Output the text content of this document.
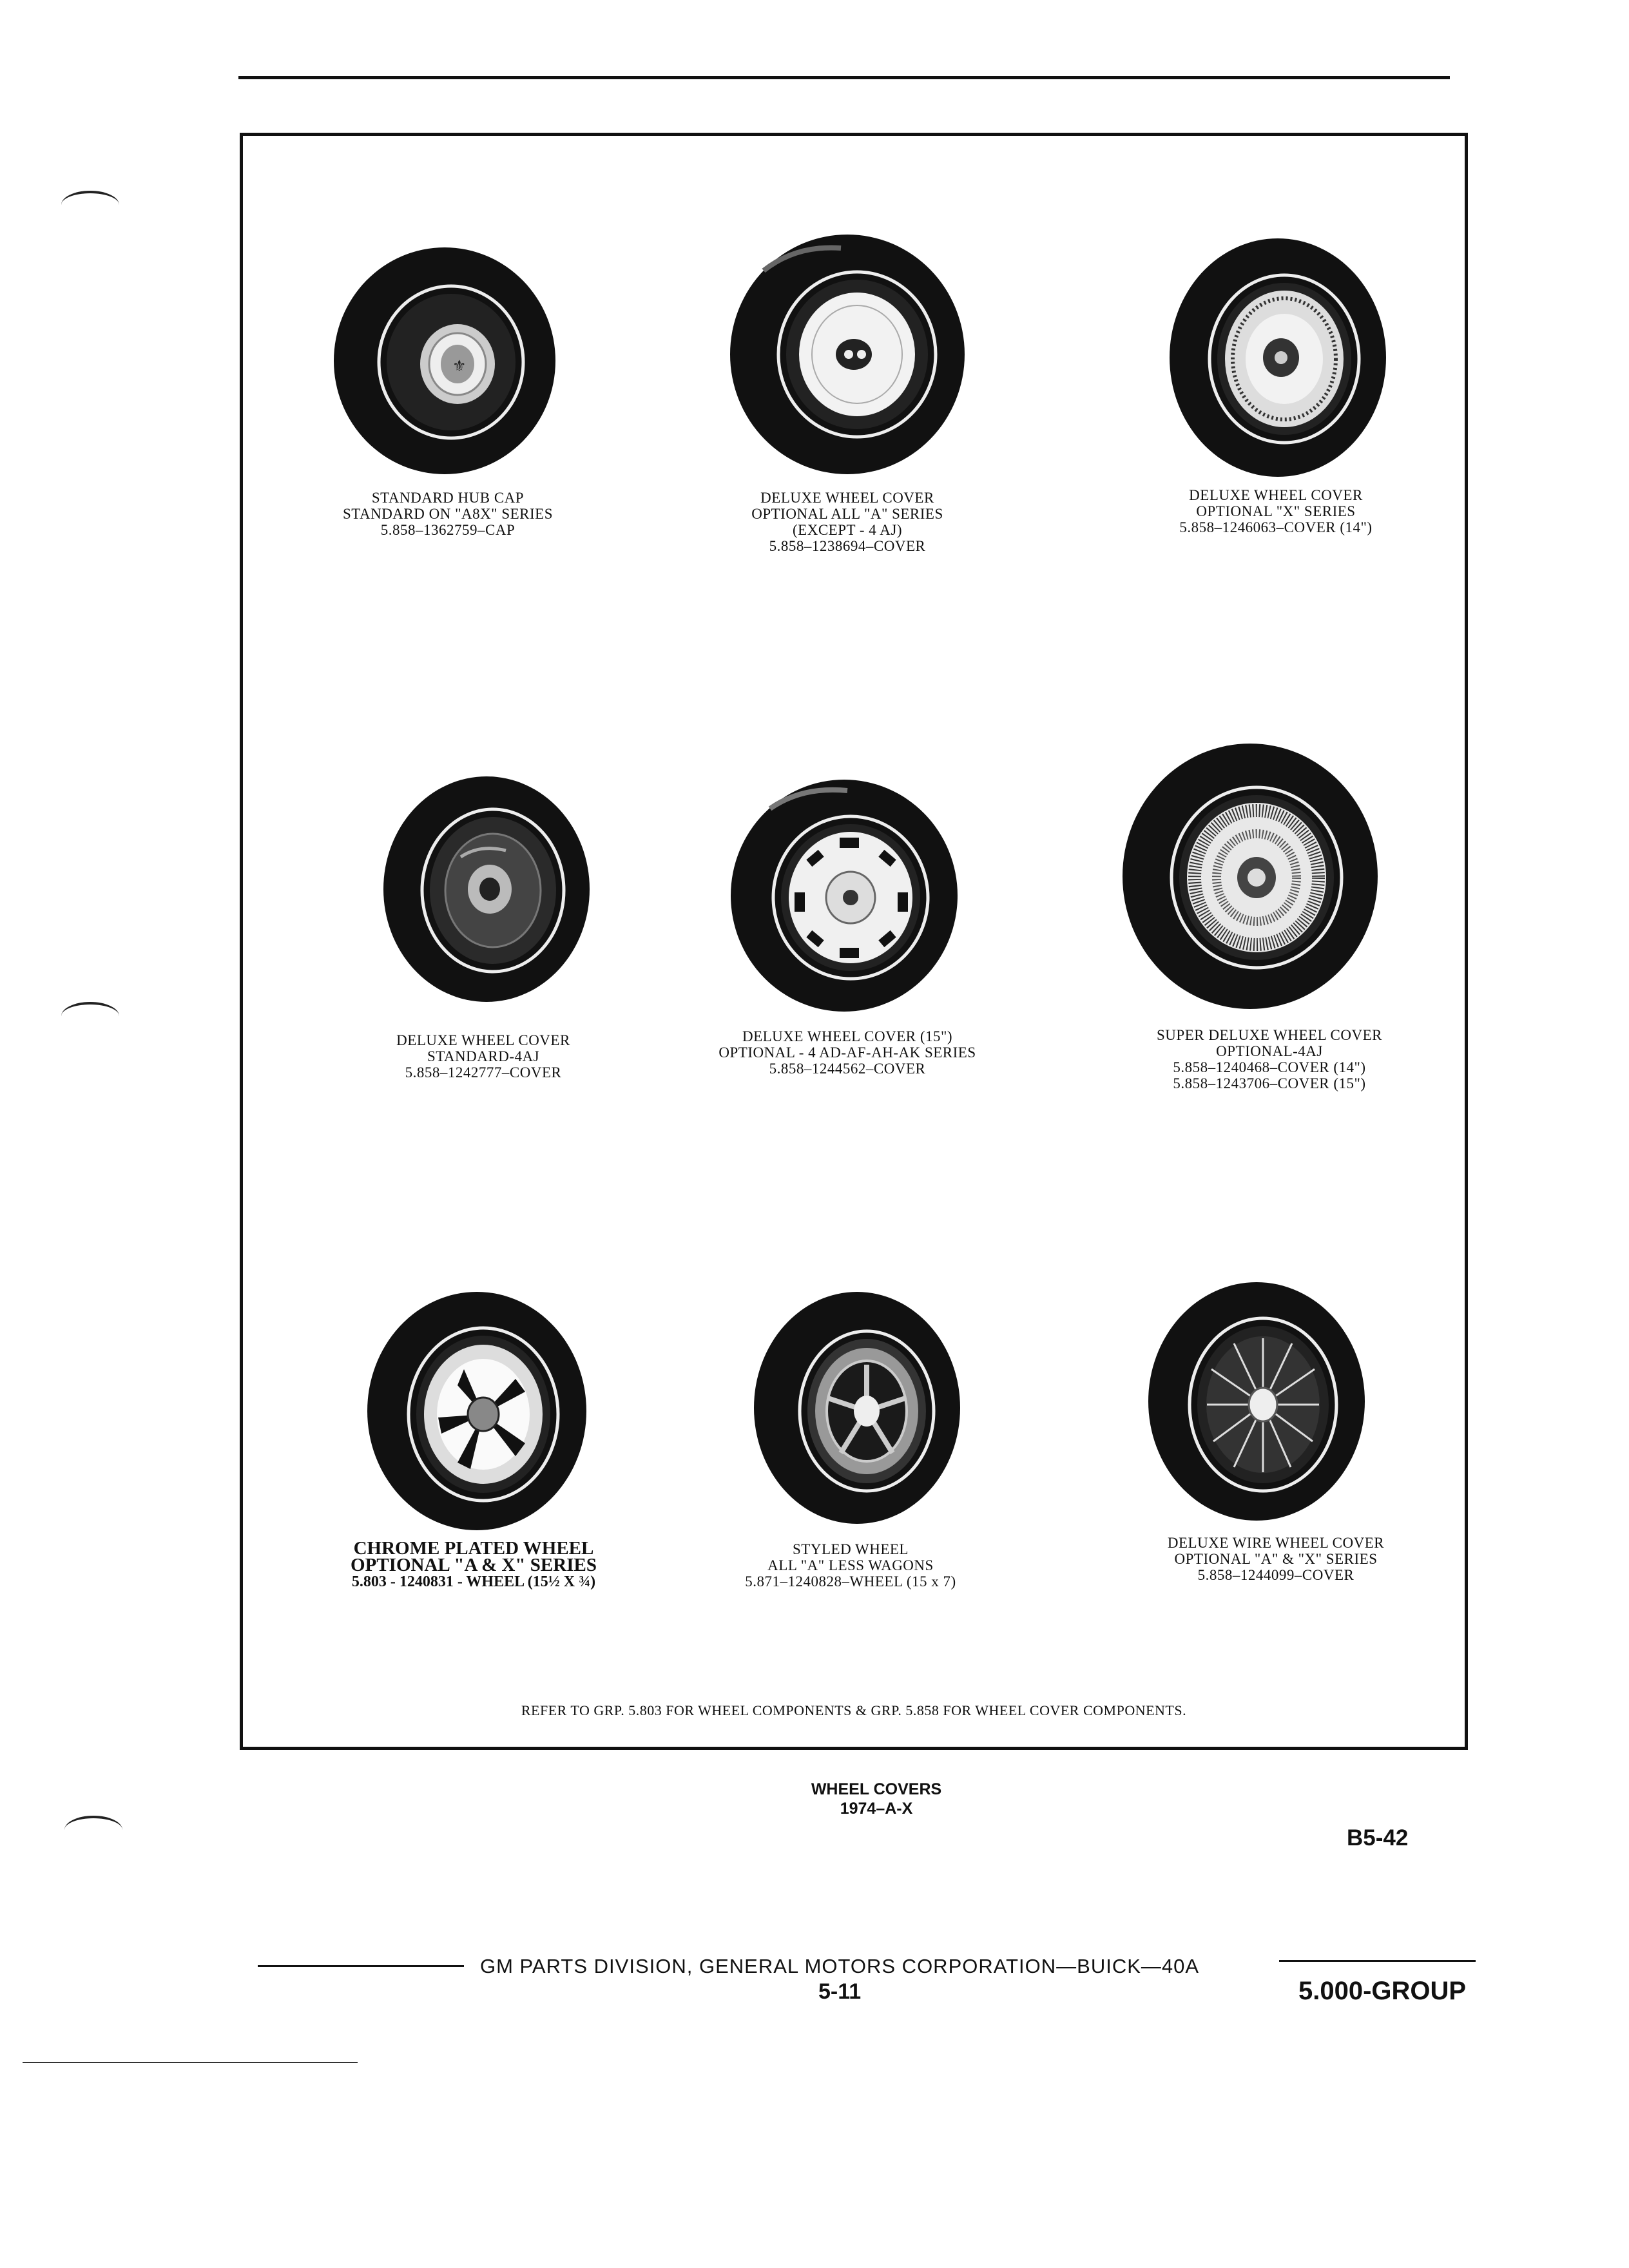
⚜
STANDARD HUB CAP
STANDARD ON "A8X" SERIES
5.858–1362759–CAP
DELUXE WHEEL COVER
OPTIONAL ALL "A" SERIES
(EXCEPT - 4 AJ)
5.858–1238694–COVER
DELUXE WHEEL COVER
OPTIONAL "X" SERIES
5.858–1246063–COVER (14")
DELUXE WHEEL COVER
STANDARD-4AJ
5.858–1242777–COVER
DELUXE WHEEL COVER (15")
OPTIONAL - 4 AD-AF-AH-AK SERIES
5.858–1244562–COVER
SUPER DELUXE WHEEL COVER
OPTIONAL-4AJ
5.858–1240468–COVER (14")
5.858–1243706–COVER (15")
CHROME PLATED WHEEL
OPTIONAL "A & X" SERIES
5.803 - 1240831 - WHEEL (15½ X ¾)
STYLED WHEEL
ALL "A" LESS WAGONS
5.871–1240828–WHEEL (15 x 7)
DELUXE WIRE WHEEL COVER
OPTIONAL "A" & "X" SERIES
5.858–1244099–COVER
REFER TO GRP. 5.803 FOR WHEEL COMPONENTS & GRP. 5.858 FOR WHEEL COVER COMPONENTS.
WHEEL COVERS
1974–A-X
B5-42
GM PARTS DIVISION, GENERAL MOTORS CORPORATION—BUICK—40A
5-11	5.000-GROUP
